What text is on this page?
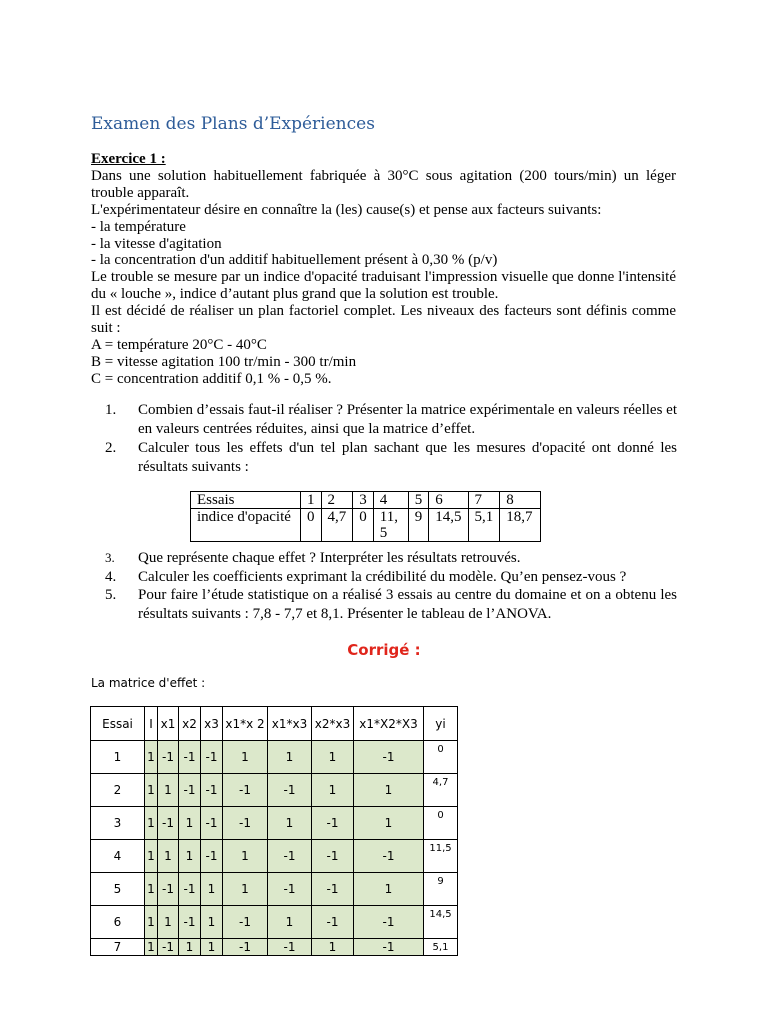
Examen des Plans d’Expériences

Exercice 1 :

Dans une solution habituellement fabriquée à 30°C sous agitation (200 tours/min) un léger trouble apparaît.

L'expérimentateur désire en connaître la (les) cause(s) et pense aux facteurs suivants:

- la température

- la vitesse d'agitation

- la concentration d'un additif habituellement présent à 0,30 % (p/v)

Le trouble se mesure par un indice d'opacité traduisant l'impression visuelle que donne l'intensité du « louche », indice d’autant plus grand que la solution est trouble.

Il est décidé de réaliser un plan factoriel complet. Les niveaux des facteurs sont définis comme suit :

A = température 20°C - 40°C

B = vitesse agitation 100 tr/min - 300 tr/min

C = concentration additif 0,1 % - 0,5 %.

1.	Combien d’essais faut-il réaliser ? Présenter la matrice expérimentale en valeurs réelles et en valeurs centrées réduites, ainsi que la matrice d’effet.
2.	Calculer tous les effets d'un tel plan sachant que les mesures d'opacité ont donné les résultats suivants :
Essais	1	2	3	4	5	6	7	8
indice d'opacité	0	4,7	0	11, 5	9	14,5	5,1	18,7
3.	Que représente chaque effet ? Interpréter les résultats retrouvés.
4.	Calculer les coefficients exprimant la crédibilité du modèle. Qu’en pensez-vous ?
5.	Pour faire l’étude statistique on a réalisé 3 essais au centre du domaine et on a obtenu les résultats suivants : 7,8 - 7,7 et 8,1. Présenter le tableau de l’ANOVA.
Corrigé :
La matrice d'effet :
Essai	I	x1	x2	x3	x1*x 2	x1*x3	x2*x3	x1*X2*X3	yi
1	1	-1	-1	-1	1	1	1	-1	0
2	1	1	-1	-1	-1	-1	1	1	4,7
3	1	-1	1	-1	-1	1	-1	1	0
4	1	1	1	-1	1	-1	-1	-1	11,5
5	1	-1	-1	1	1	-1	-1	1	9
6	1	1	-1	1	-1	1	-1	-1	14,5
7	1	-1	1	1	-1	-1	1	-1	5,1
